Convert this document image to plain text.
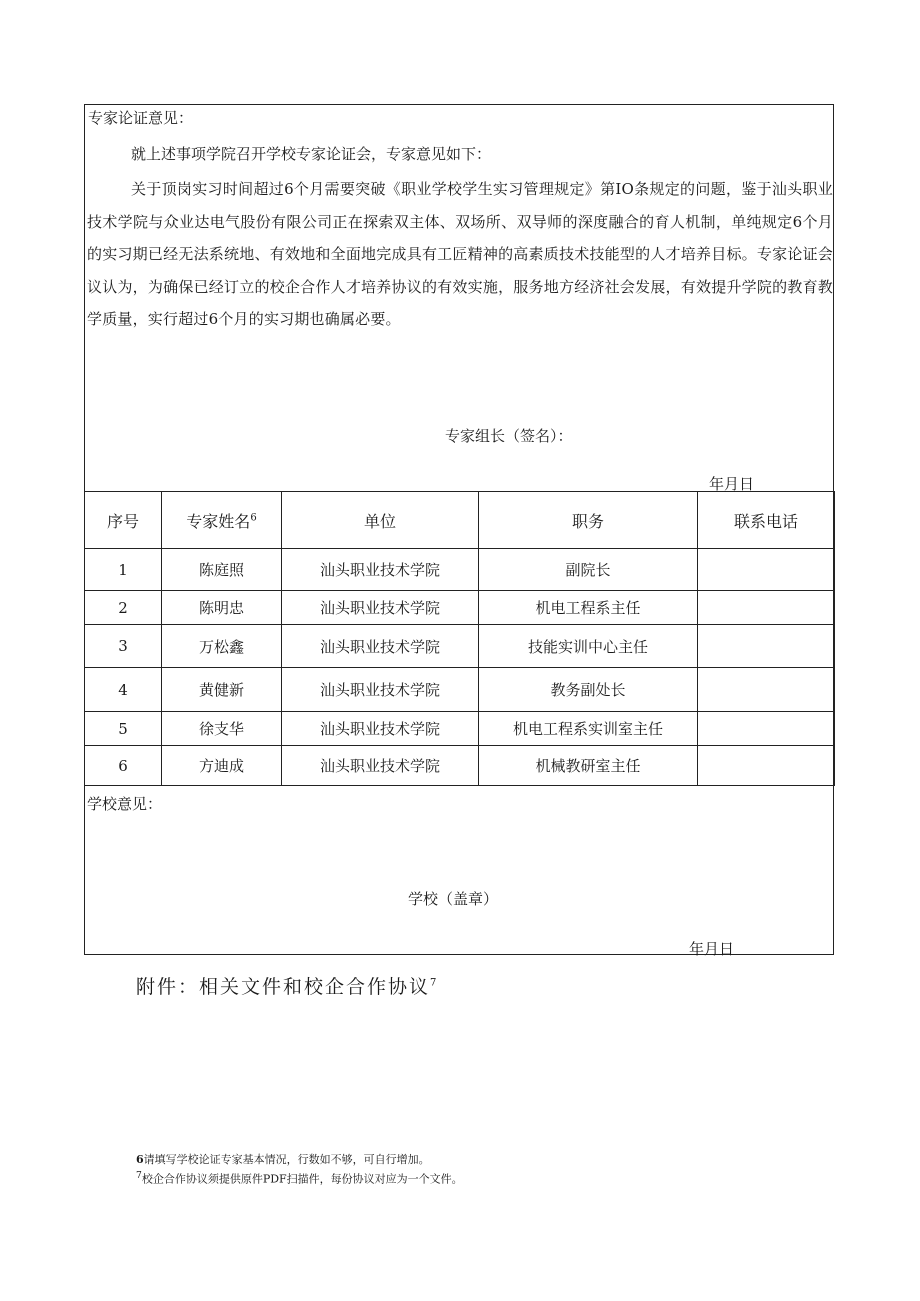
专家论证意见：
就上述事项学院召开学校专家论证会，专家意见如下：
关于顶岗实习时间超过6个月需要突破《职业学校学生实习管理规定》第IO条规定的问题，鉴于汕头职业技术学院与众业达电气股份有限公司正在探索双主体、双场所、双导师的深度融合的育人机制，单纯规定6个月的实习期已经无法系统地、有效地和全面地完成具有工匠精神的高素质技术技能型的人才培养目标。专家论证会议认为，为确保已经订立的校企合作人才培养协议的有效实施，服务地方经济社会发展，有效提升学院的教育教学质量，实行超过6个月的实习期也确属必要。
专家组长（签名）：
年月日
序号	专家姓名$^6$	单位	职务	联系电话
1	陈庭照	汕头职业技术学院	副院长	
2	陈明忠	汕头职业技术学院	机电工程系主任	
3	万松鑫	汕头职业技术学院	技能实训中心主任	
4	黄健新	汕头职业技术学院	教务副处长	
5	徐支华	汕头职业技术学院	机电工程系实训室主任	
6	方迪成	汕头职业技术学院	机械教研室主任	
学校意见：
学校（盖章）
年月日
附件：相关文件和校企合作协议$^7$
6请填写学校论证专家基本情况，行数如不够，可自行增加。
$^7$校企合作协议须提供原件PDF扫描件，每份协议对应为一个文件。
